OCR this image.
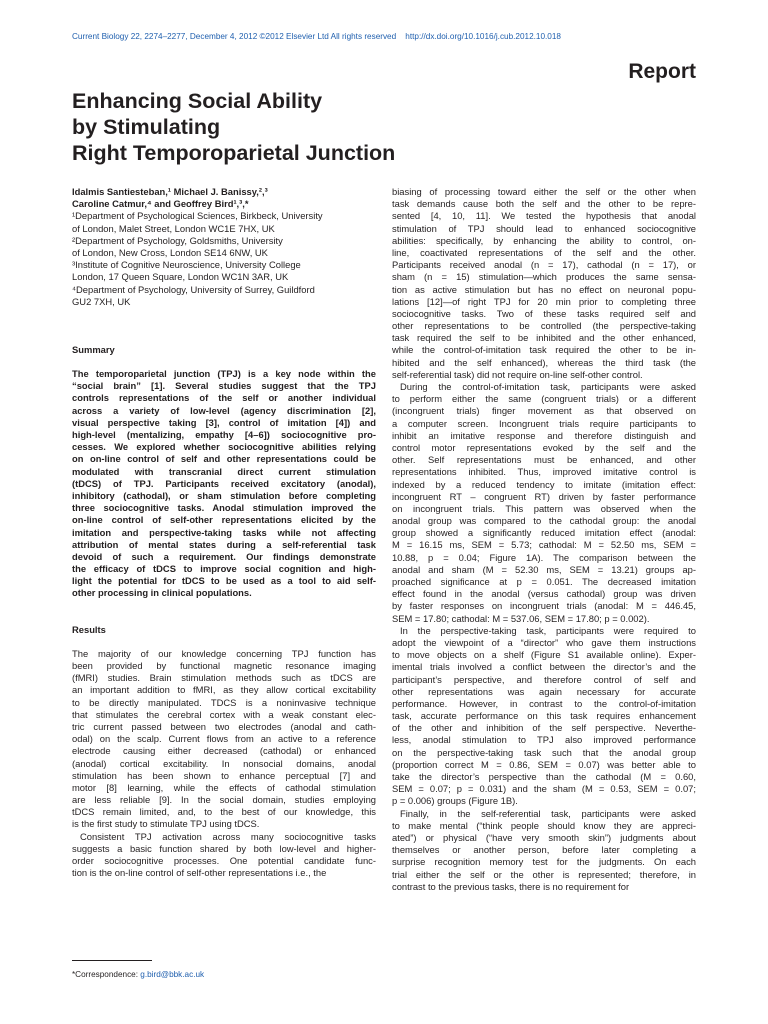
Current Biology 22, 2274–2277, December 4, 2012 ©2012 Elsevier Ltd All rights reserved http://dx.doi.org/10.1016/j.cub.2012.10.018
Report
Enhancing Social Ability
by Stimulating
Right Temporoparietal Junction
Idalmis Santiesteban,¹ Michael J. Banissy,²,³
Caroline Catmur,⁴ and Geoffrey Bird¹,³,*
¹Department of Psychological Sciences, Birkbeck, University
of London, Malet Street, London WC1E 7HX, UK
²Department of Psychology, Goldsmiths, University
of London, New Cross, London SE14 6NW, UK
³Institute of Cognitive Neuroscience, University College
London, 17 Queen Square, London WC1N 3AR, UK
⁴Department of Psychology, University of Surrey, Guildford
GU2 7XH, UK
Summary
The temporoparietal junction (TPJ) is a key node within the
“social brain” [1]. Several studies suggest that the TPJ
controls representations of the self or another individual
across a variety of low-level (agency discrimination [2],
visual perspective taking [3], control of imitation [4]) and
high-level (mentalizing, empathy [4–6]) sociocognitive pro-
cesses. We explored whether sociocognitive abilities relying
on on-line control of self and other representations could be
modulated with transcranial direct current stimulation
(tDCS) of TPJ. Participants received excitatory (anodal),
inhibitory (cathodal), or sham stimulation before completing
three sociocognitive tasks. Anodal stimulation improved the
on-line control of self-other representations elicited by the
imitation and perspective-taking tasks while not affecting
attribution of mental states during a self-referential task
devoid of such a requirement. Our findings demonstrate
the efficacy of tDCS to improve social cognition and high-
light the potential for tDCS to be used as a tool to aid self-
other processing in clinical populations.
Results
The majority of our knowledge concerning TPJ function has
been provided by functional magnetic resonance imaging
(fMRI) studies. Brain stimulation methods such as tDCS are
an important addition to fMRI, as they allow cortical excitability
to be directly manipulated. TDCS is a noninvasive technique
that stimulates the cerebral cortex with a weak constant elec-
tric current passed between two electrodes (anodal and cath-
odal) on the scalp. Current flows from an active to a reference
electrode causing either decreased (cathodal) or enhanced
(anodal) cortical excitability. In nonsocial domains, anodal
stimulation has been shown to enhance perceptual [7] and
motor [8] learning, while the effects of cathodal stimulation
are less reliable [9]. In the social domain, studies employing
tDCS remain limited, and, to the best of our knowledge, this
is the first study to stimulate TPJ using tDCS.
Consistent TPJ activation across many sociocognitive tasks
suggests a basic function shared by both low-level and higher-
order sociocognitive processes. One potential candidate func-
tion is the on-line control of self-other representations i.e., the
biasing of processing toward either the self or the other when
task demands cause both the self and the other to be repre-
sented [4, 10, 11]. We tested the hypothesis that anodal
stimulation of TPJ should lead to enhanced sociocognitive
abilities: specifically, by enhancing the ability to control, on-
line, coactivated representations of the self and the other.
Participants received anodal (n = 17), cathodal (n = 17), or
sham (n = 15) stimulation—which produces the same sensa-
tion as active stimulation but has no effect on neuronal popu-
lations [12]—of right TPJ for 20 min prior to completing three
sociocognitive tasks. Two of these tasks required self and
other representations to be controlled (the perspective-taking
task required the self to be inhibited and the other enhanced,
while the control-of-imitation task required the other to be in-
hibited and the self enhanced), whereas the third task (the
self-referential task) did not require on-line self-other control.
During the control-of-imitation task, participants were asked
to perform either the same (congruent trials) or a different
(incongruent trials) finger movement as that observed on
a computer screen. Incongruent trials require participants to
inhibit an imitative response and therefore distinguish and
control motor representations evoked by the self and the
other. Self representations must be enhanced, and other
representations inhibited. Thus, improved imitative control is
indexed by a reduced tendency to imitate (imitation effect:
incongruent RT – congruent RT) driven by faster performance
on incongruent trials. This pattern was observed when the
anodal group was compared to the cathodal group: the anodal
group showed a significantly reduced imitation effect (anodal:
M = 16.15 ms, SEM = 5.73; cathodal: M = 52.50 ms, SEM =
10.88, p = 0.04; Figure 1A). The comparison between the
anodal and sham (M = 52.30 ms, SEM = 13.21) groups ap-
proached significance at p = 0.051. The decreased imitation
effect found in the anodal (versus cathodal) group was driven
by faster responses on incongruent trials (anodal: M = 446.45,
SEM = 17.80; cathodal: M = 537.06, SEM = 17.80; p = 0.002).
In the perspective-taking task, participants were required to
adopt the viewpoint of a “director” who gave them instructions
to move objects on a shelf (Figure S1 available online). Exper-
imental trials involved a conflict between the director’s and the
participant’s perspective, and therefore control of self and
other representations was again necessary for accurate
performance. However, in contrast to the control-of-imitation
task, accurate performance on this task requires enhancement
of the other and inhibition of the self perspective. Neverthe-
less, anodal stimulation to TPJ also improved performance
on the perspective-taking task such that the anodal group
(proportion correct M = 0.86, SEM = 0.07) was better able to
take the director’s perspective than the cathodal (M = 0.60,
SEM = 0.07; p = 0.031) and the sham (M = 0.53, SEM = 0.07;
p = 0.006) groups (Figure 1B).
Finally, in the self-referential task, participants were asked
to make mental (“think people should know they are appreci-
ated”) or physical (“have very smooth skin”) judgments about
themselves or another person, before later completing a
surprise recognition memory test for the judgments. On each
trial either the self or the other is represented; therefore, in
contrast to the previous tasks, there is no requirement for
*Correspondence: g.bird@bbk.ac.uk
